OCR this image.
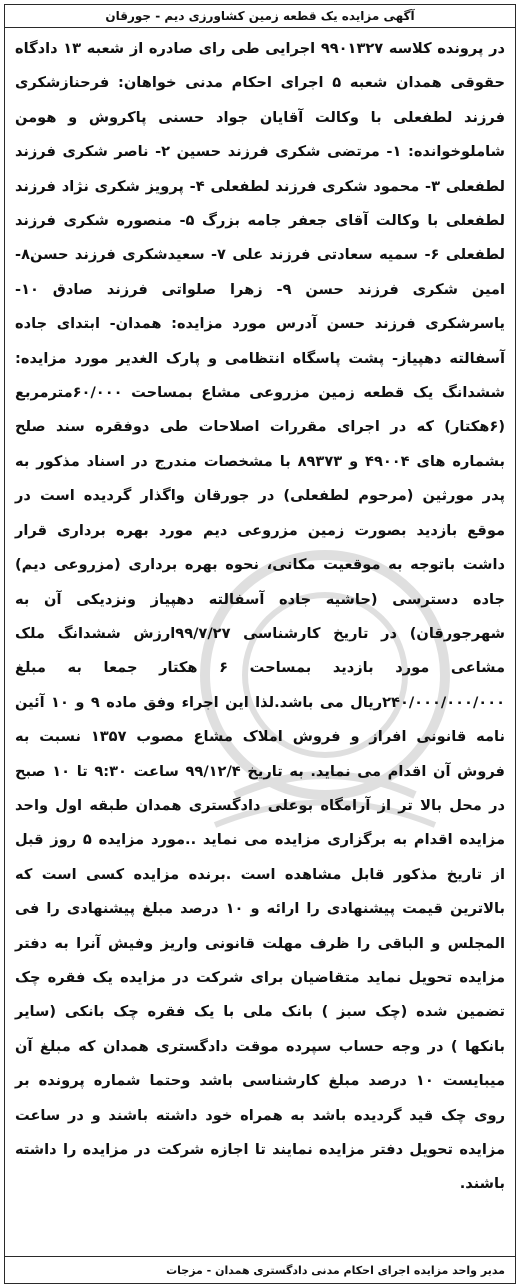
آگهی مزایده یک قطعه زمین کشاورزی دیم - جورقان

در پرونده کلاسه ۹۹۰۱۳۲۷ اجرایی طی رای صادره از شعبه ۱۳ دادگاه حقوقی همدان شعبه ۵ اجرای احکام مدنی خواهان: فرحنازشکری فرزند لطفعلی با وکالت آقایان جواد حسنی پاکروش و هومن شاملوخوانده: ۱- مرتضی شکری فرزند حسین ۲- ناصر شکری فرزند لطفعلی ۳- محمود شکری فرزند لطفعلی ۴- پرویز شکری نژاد فرزند لطفعلی با وکالت آقای جعفر جامه بزرگ ۵- منصوره شکری فرزند لطفعلی ۶- سمیه سعادتی فرزند علی ۷- سعیدشکری فرزند حسن۸- امین شکری فرزند حسن ۹- زهرا صلواتی فرزند صادق ۱۰- یاسرشکری فرزند حسن آدرس مورد مزایده: همدان- ابتدای جاده آسفالته دهپیاز- پشت پاسگاه انتظامی و پارک الغدیر مورد مزایده: ششدانگ یک قطعه زمین مزروعی مشاع بمساحت ۶۰/۰۰۰مترمربع (۶هکتار) که در اجرای مقررات اصلاحات طی دوفقره سند صلح بشماره های ۴۹۰۰۴ و ۸۹۳۷۳ با مشخصات مندرج در اسناد مذکور به پدر مورثین (مرحوم لطفعلی) در جورقان واگذار گردیده است در موقع بازدید بصورت زمین مزروعی دیم مورد بهره برداری قرار داشت باتوجه به موقعیت مکانی، نحوه بهره برداری (مزروعی دیم) جاده دسترسی (حاشیه جاده آسفالته دهپیاز ونزدیکی آن به شهرجورقان) در تاریخ کارشناسی ۹۹/۷/۲۷ارزش ششدانگ ملک مشاعی مورد بازدید بمساحت ۶ هکتار جمعا به مبلغ ۲۴۰/۰۰۰/۰۰۰/۰۰۰ریال می باشد.لذا این اجراء وفق ماده ۹ و ۱۰ آئین نامه قانونی افراز و فروش املاک مشاع مصوب ۱۳۵۷ نسبت به فروش آن اقدام می نماید. به تاریخ ۹۹/۱۲/۴ ساعت ۹:۳۰ تا ۱۰ صبح در محل بالا تر از آرامگاه بوعلی دادگستری همدان طبقه اول واحد مزایده اقدام به برگزاری مزایده می نماید ..مورد مزایده ۵ روز قبل از تاریخ مذکور قابل مشاهده است .برنده مزایده کسی است که بالاترین قیمت پیشنهادی را ارائه و ۱۰ درصد مبلغ پیشنهادی را فی المجلس و الباقی را ظرف مهلت قانونی واریز وفیش آنرا به دفتر مزایده تحویل نماید متقاضیان برای شرکت در مزایده یک فقره چک تضمین شده (چک سبز ) بانک ملی با یک فقره چک بانکی (سایر بانکها ) در وجه حساب سپرده موقت دادگستری همدان که مبلغ آن میبایست ۱۰ درصد مبلغ کارشناسی باشد وحتما شماره پرونده بر روی چک قید گردیده باشد به همراه خود داشته باشند و در ساعت مزایده تحویل دفتر مزایده نمایند تا اجازه شرکت در مزایده را داشته باشند.

مدیر واحد مزایده اجرای احکام مدنی دادگستری همدان - مزجات
